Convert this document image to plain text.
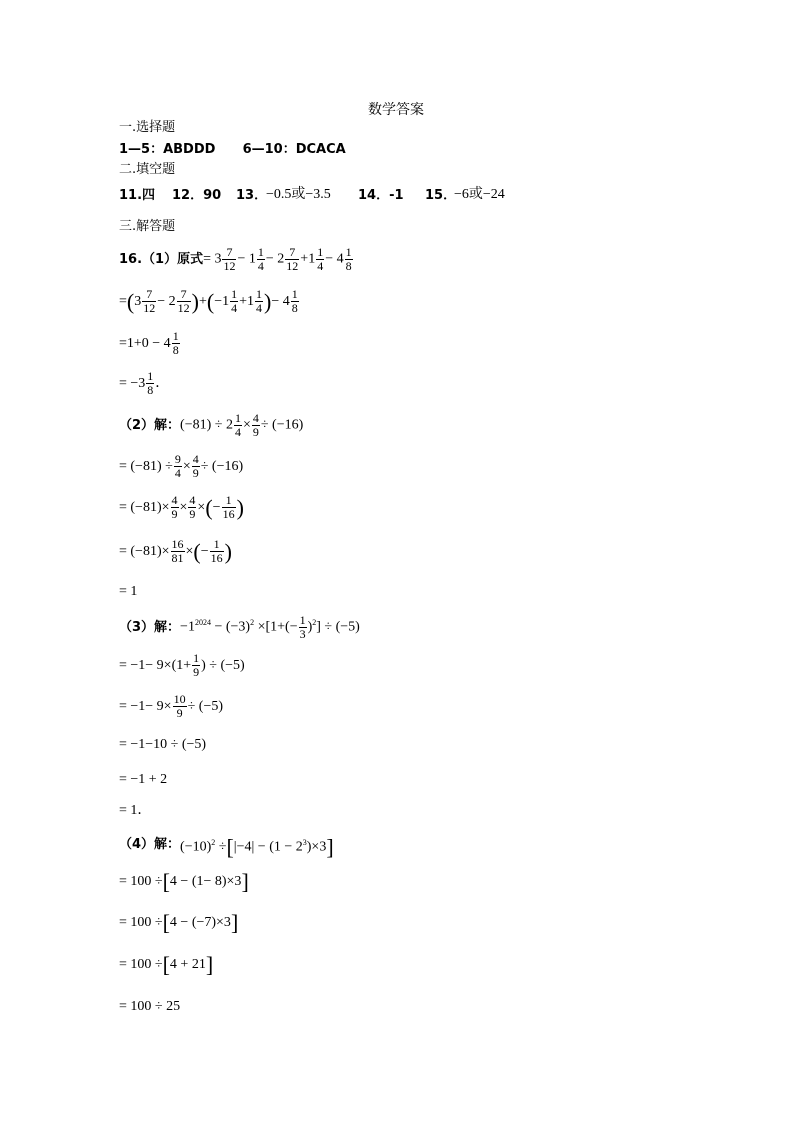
数学答案
一.选择题
1—5：ABDDD      6—10：DCACA
二.填空题
11.四 12．90 13．
−0.5或−3.5 14．-1 15．
−6或−24
三.解答题
16.（1）原式 = $3 \frac{7}{12} - 1 \frac{1}{4} - 2 \frac{7}{12} +1 \frac{1}{4} - 4 \frac{1}{8}$
= ( $3 \frac{7}{12} - 2 \frac{7}{12}$ ) + ( $-1 \frac{1}{4} +1 \frac{1}{4}$ ) − $4 \frac{1}{8}$
$=1+0 - 4 \frac{1}{8}$
= $-3 \frac{1}{8}$ ．
（2）解： $(-81) \div 2 \frac{1}{4} \times \frac{4}{9} \div (-16)$
= $(-81) \div \frac{9}{4} \times \frac{4}{9} \div (-16)$
= $(-81)\times \frac{4}{9} \times \frac{4}{9}$ × ( − $\frac{1}{16}$ )
= $(-81)\times \frac{16}{81}$ × ( − $\frac{1}{16}$ )
= 1
（3）解： $-1^{2024} - (-3)^2 \times[1+(- \frac{1}{3} )^2] \div (-5)$
= $-1- 9\times(1+ \frac{1}{9}$ ) ÷ (−5)
= $-1- 9\times \frac{10}{9} \div (-5)$
= −1−10 ÷ (−5)
= −1 + 2
= 1．
（4）解： $(-10)^2 \div[|-4| - (1 - 2^3)\times 3]$
= 100 ÷ [ 4 − (1− 8)×3 ]
= 100 ÷ [ 4 − (−7)×3 ]
= 100 ÷ [ 4 + 21 ]
= 100 ÷ 25
